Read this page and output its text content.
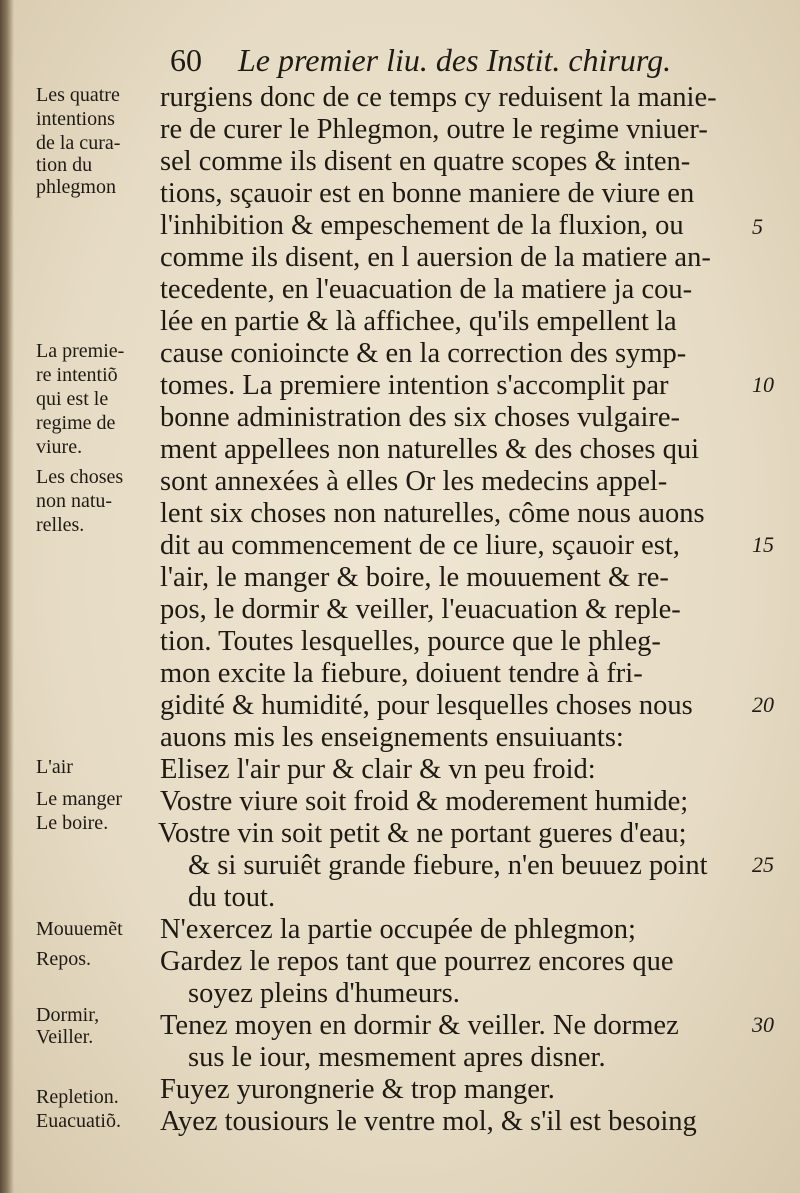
60 Le premier liu. des Instit. chirurg.
rurgiens donc de ce temps cy reduisent la manie-
re de curer le Phlegmon, outre le regime vniuer-
sel comme ils disent en quatre scopes & inten-
tions, sçauoir est en bonne maniere de viure en
l'inhibition & empeschement de la fluxion, ou
comme ils disent, en l auersion de la matiere an-
tecedente, en l'euacuation de la matiere ja cou-
lée en partie & là affichee, qu'ils empellent la
cause conioincte & en la correction des symp-
tomes. La premiere intention s'accomplit par
bonne administration des six choses vulgaire-
ment appellees non naturelles & des choses qui
sont annexées à elles Or les medecins appel-
lent six choses non naturelles, côme nous auons
dit au commencement de ce liure, sçauoir est,
l'air, le manger & boire, le mouuement & re-
pos, le dormir & veiller, l'euacuation & reple-
tion. Toutes lesquelles, pource que le phleg-
mon excite la fiebure, doiuent tendre à fri-
gidité & humidité, pour lesquelles choses nous
auons mis les enseignements ensuiuants:
Elisez l'air pur & clair & vn peu froid:
Vostre viure soit froid & moderement humide;
Vostre vin soit petit & ne portant gueres d'eau;
& si suruiêt grande fiebure, n'en beuuez point
du tout.
N'exercez la partie occupée de phlegmon;
Gardez le repos tant que pourrez encores que
soyez pleins d'humeurs.
Tenez moyen en dormir & veiller. Ne dormez
sus le iour, mesmement apres disner.
Fuyez yurongnerie & trop manger.
Ayez tousiours le ventre mol, & s'il est besoing
Les quatre
intentions
de la cura-
tion du
phlegmon
La premie-
re intentiõ
qui est le
regime de
viure.
Les choses
non natu-
relles.
L'air
Le manger
Le boire.
Mouuemẽt
Repos.
Dormir,
Veiller.
Repletion.
Euacuatiõ.
5
10
15
20
25
30
